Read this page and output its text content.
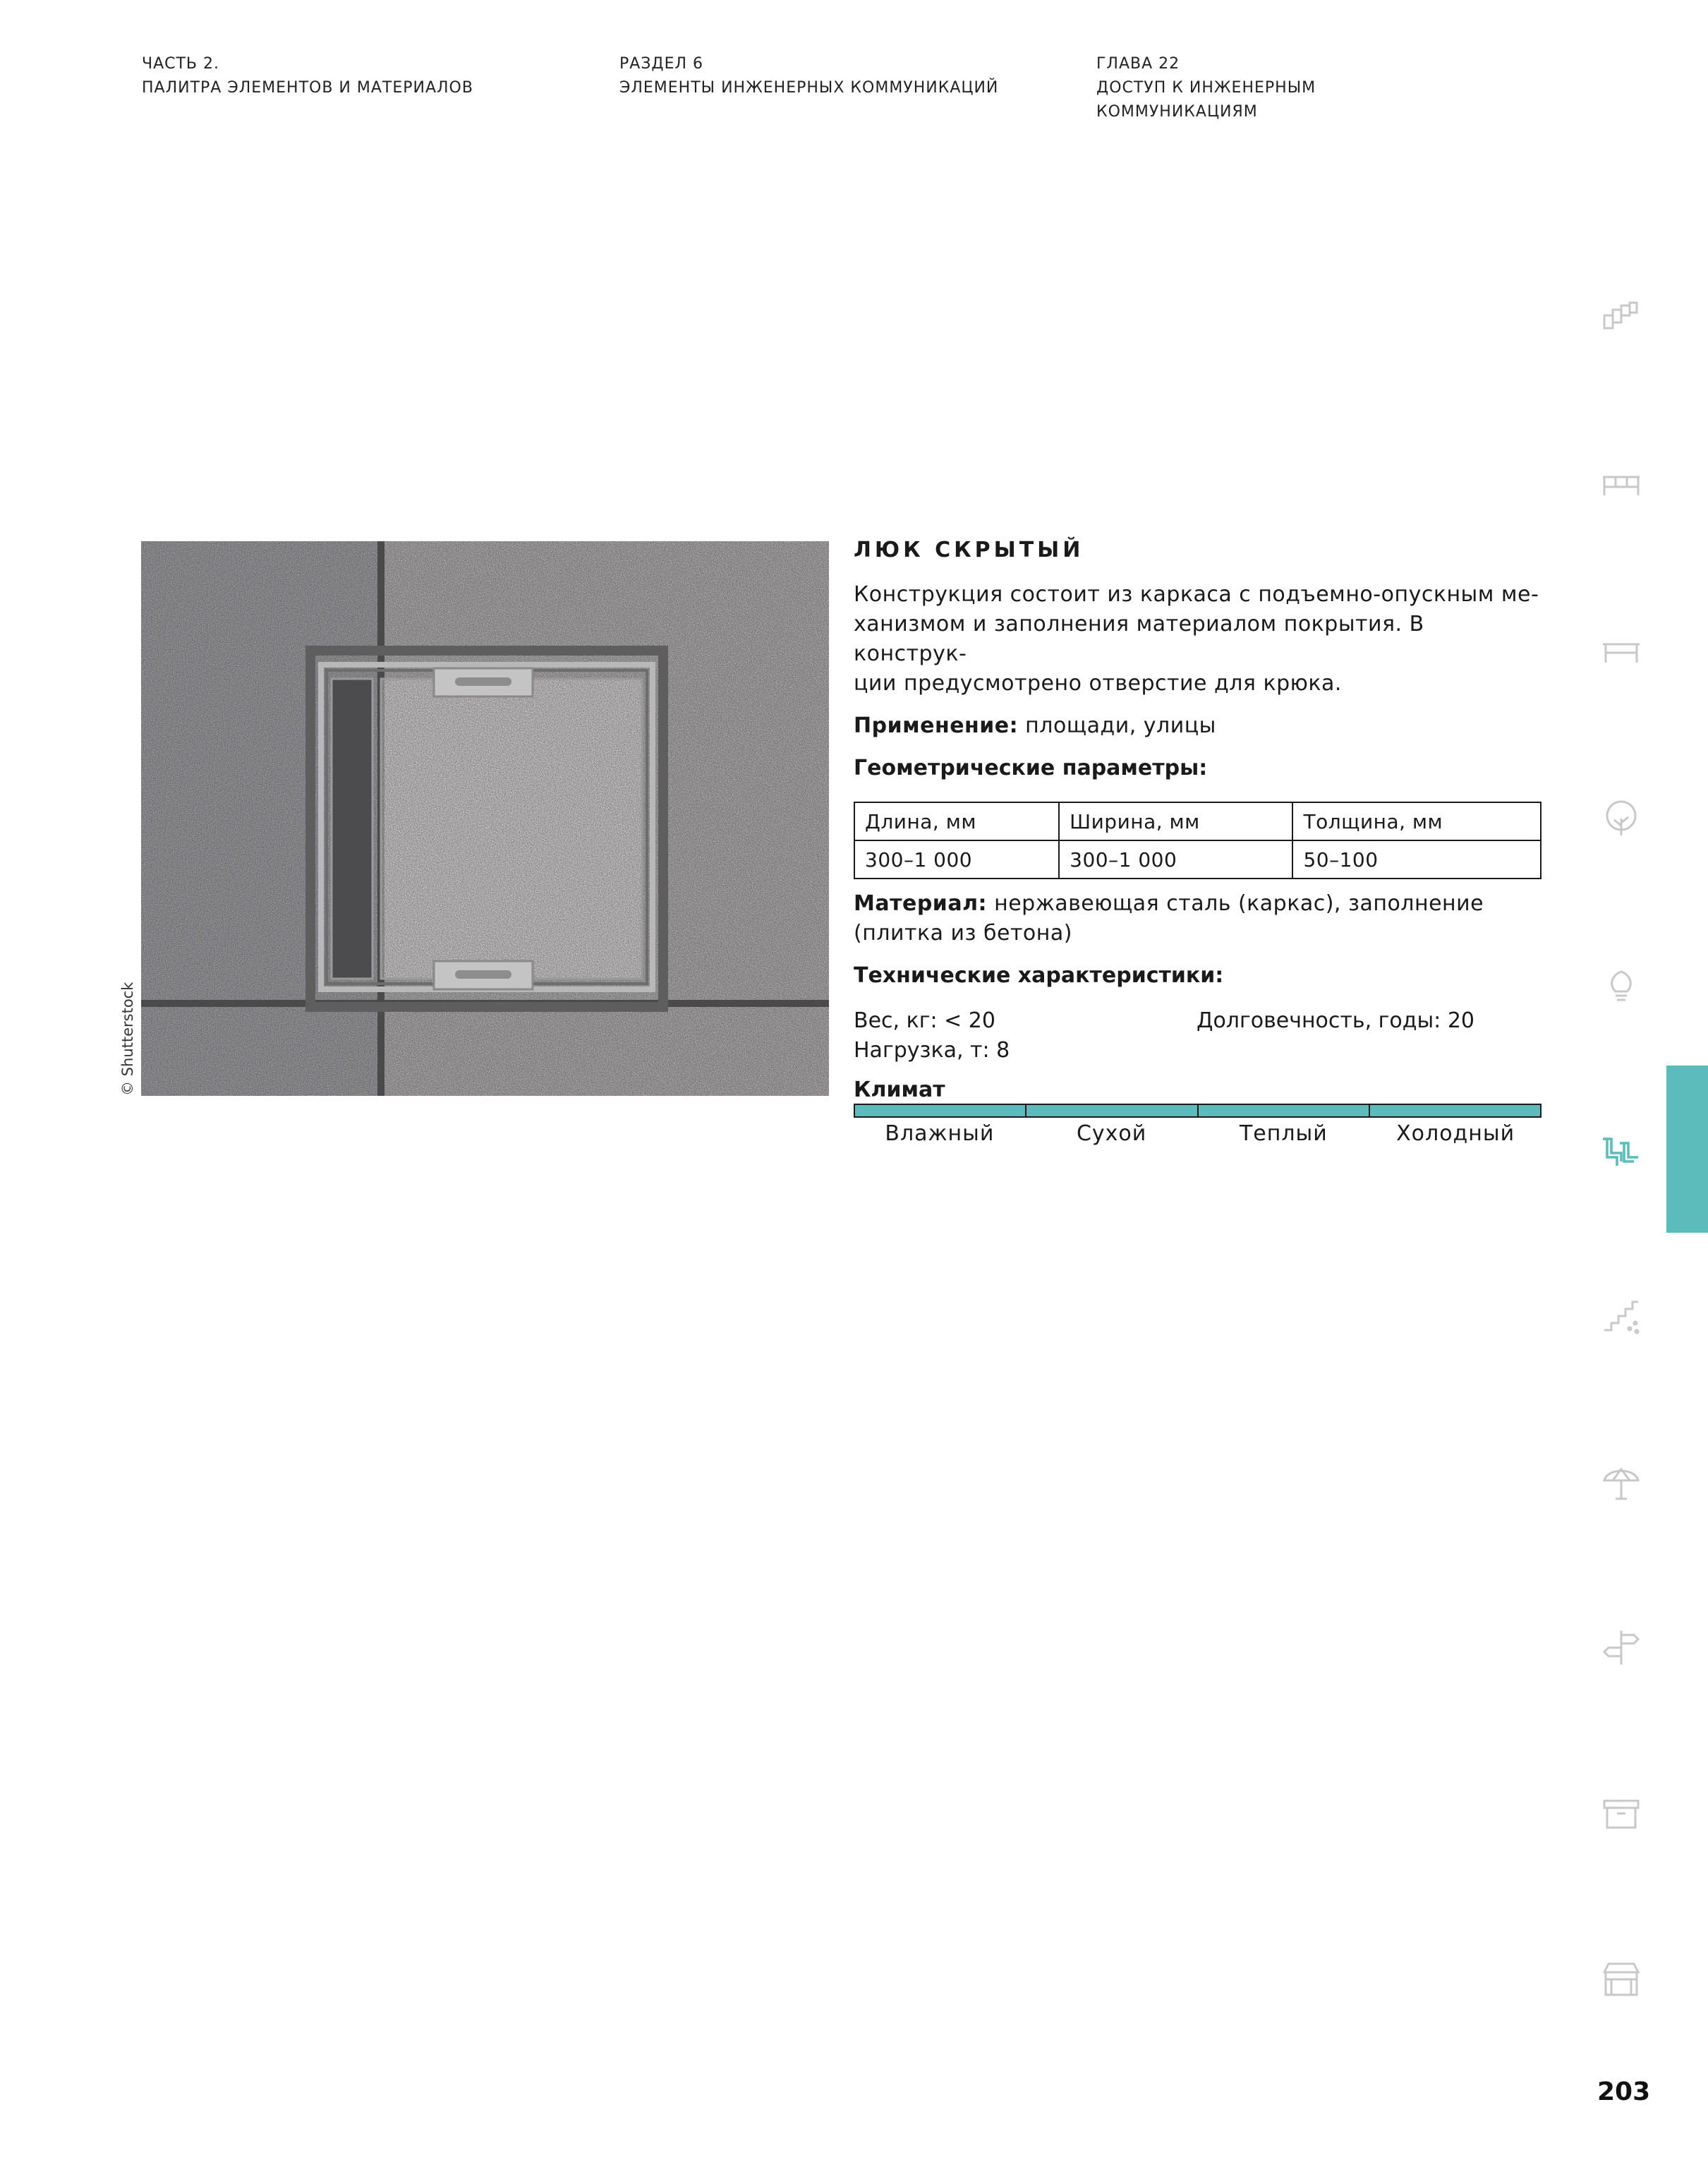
ЧАСТЬ 2.
ПАЛИТРА ЭЛЕМЕНТОВ И МАТЕРИАЛОВ
РАЗДЕЛ 6
ЭЛЕМЕНТЫ ИНЖЕНЕРНЫХ КОММУНИКАЦИЙ
ГЛАВА 22
ДОСТУП К ИНЖЕНЕРНЫМ
КОММУНИКАЦИЯМ
© Shutterstock
ЛЮК СКРЫТЫЙ
Конструкция состоит из каркаса с подъемно-опускным ме-
ханизмом и заполнения материалом покрытия. В конструк-
ции предусмотрено отверстие для крюка.
Применение: площади, улицы
Геометрические параметры:
Длина, мм	Ширина, мм	Толщина, мм
300–1 000	300–1 000	50–100
Материал: нержавеющая сталь (каркас), заполнение
(плитка из бетона)
Технические характеристики:
Вес, кг: < 20
Нагрузка, т: 8
Долговечность, годы: 20
Климат
Влажный	Сухой	Теплый	Холодный
203
